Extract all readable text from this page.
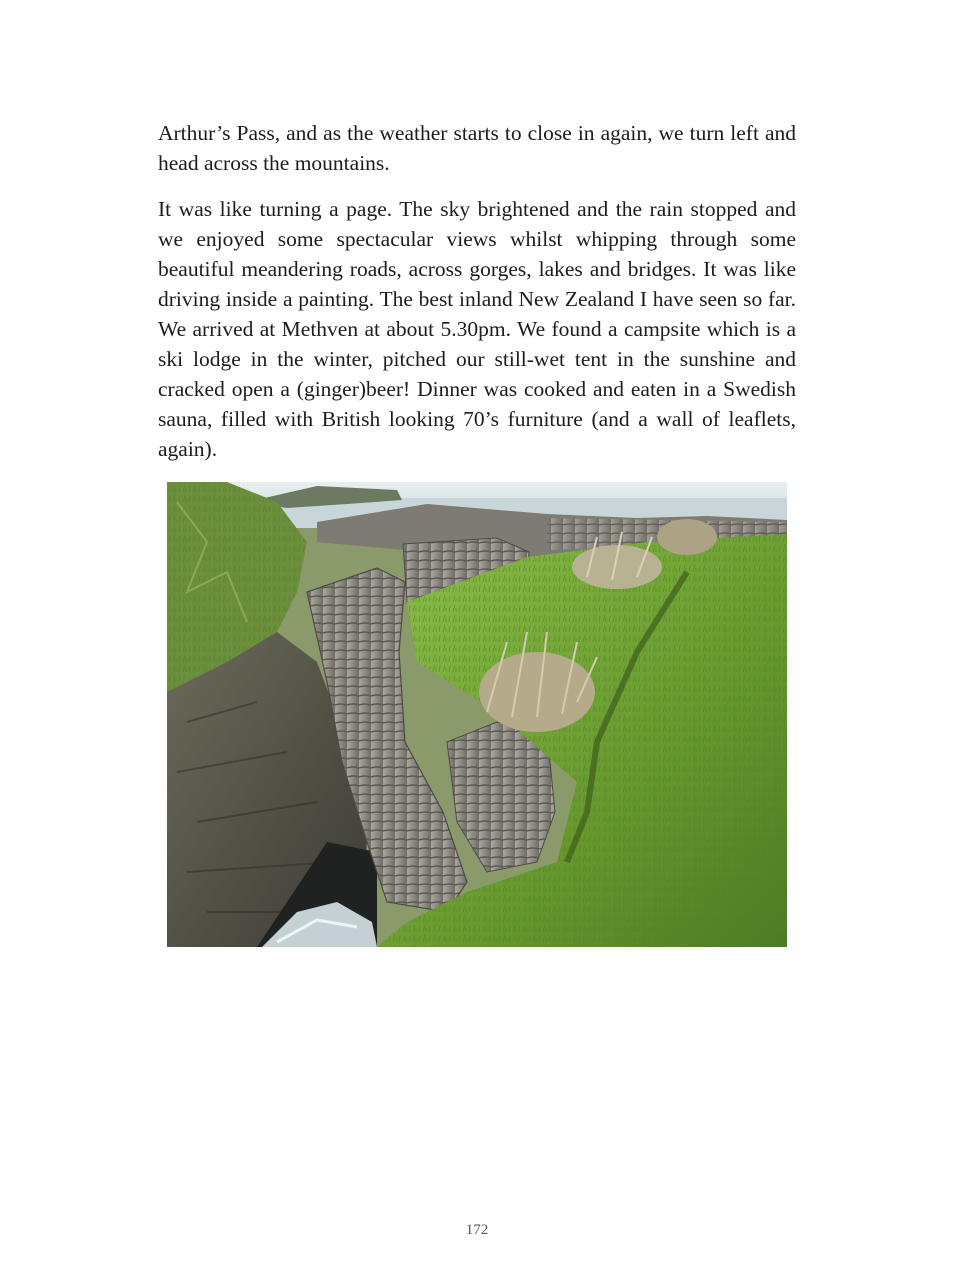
Arthur’s Pass, and as the weather starts to close in again, we turn left and head across the mountains.

It was like turning a page. The sky brightened and the rain stopped and we enjoyed some spectacular views whilst whipping through some beautiful meandering roads, across gorges, lakes and bridges. It was like driving inside a painting. The best inland New Zealand I have seen so far. We arrived at Methven at about 5.30pm. We found a campsite which is a ski lodge in the winter, pitched our still-wet tent in the sunshine and cracked open a (ginger)beer! Dinner was cooked and eaten in a Swedish sauna, filled with British looking 70’s furniture (and a wall of leaflets, again).

172
